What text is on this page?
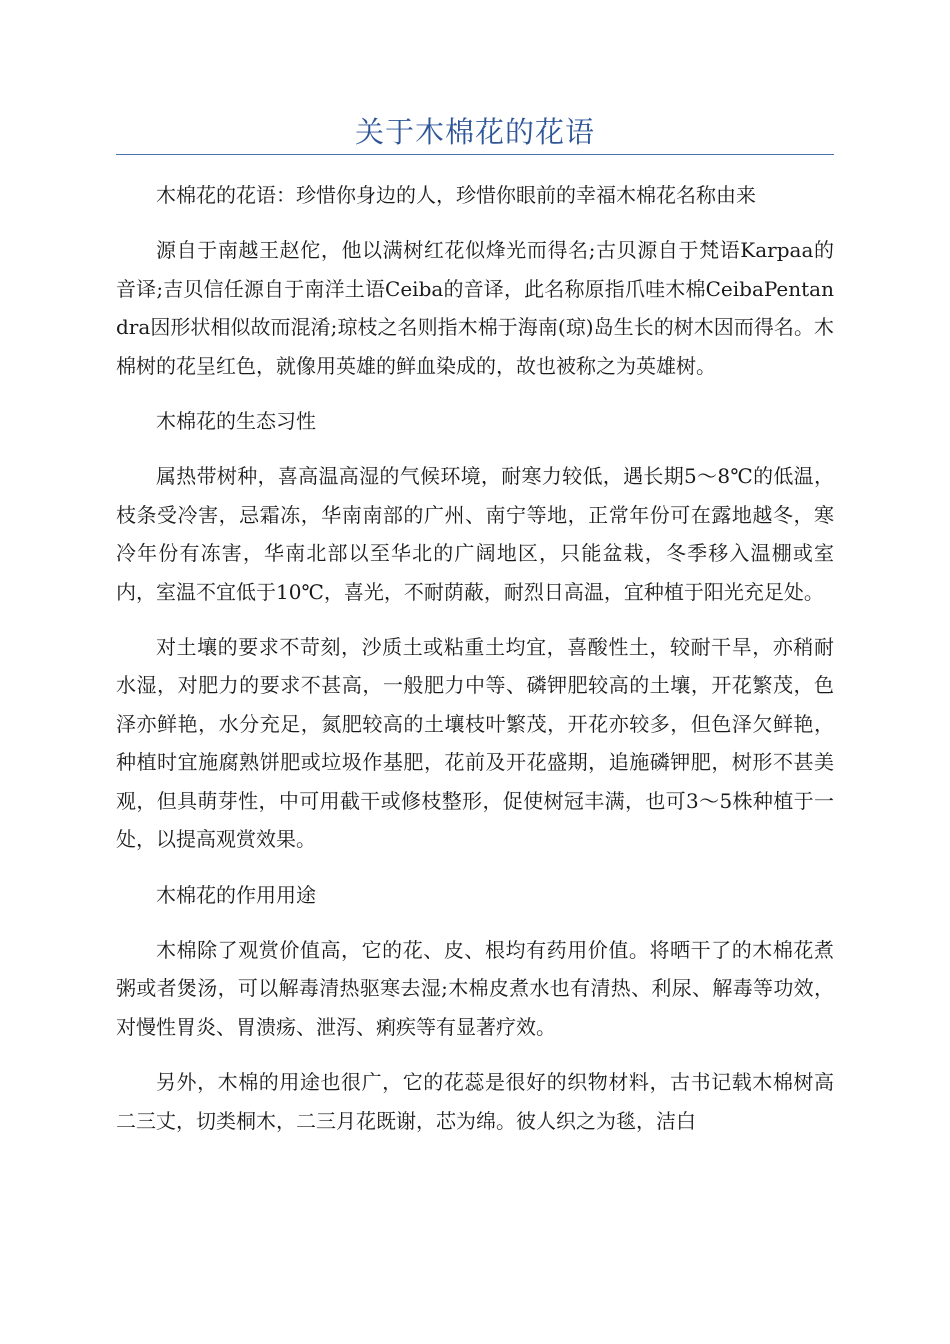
关于木棉花的花语

木棉花的花语：珍惜你身边的人，珍惜你眼前的幸福木棉花名称由来

源自于南越王赵佗，他以满树红花似烽光而得名;古贝源自于梵语Karpaa的音译;吉贝信任源自于南洋土语Ceiba的音译，此名称原指爪哇木棉CeibaPentandra因形状相似故而混淆;琼枝之名则指木棉于海南(琼)岛生长的树木因而得名。木棉树的花呈红色，就像用英雄的鲜血染成的，故也被称之为英雄树。

木棉花的生态习性

属热带树种，喜高温高湿的气候环境，耐寒力较低，遇长期5～8℃的低温，枝条受冷害，忌霜冻，华南南部的广州、南宁等地，正常年份可在露地越冬，寒冷年份有冻害，华南北部以至华北的广阔地区，只能盆栽，冬季移入温棚或室内，室温不宜低于10℃，喜光，不耐荫蔽，耐烈日高温，宜种植于阳光充足处。

对土壤的要求不苛刻，沙质土或粘重土均宜，喜酸性土，较耐干旱，亦稍耐水湿，对肥力的要求不甚高，一般肥力中等、磷钾肥较高的土壤，开花繁茂，色泽亦鲜艳，水分充足，氮肥较高的土壤枝叶繁茂，开花亦较多，但色泽欠鲜艳，种植时宜施腐熟饼肥或垃圾作基肥，花前及开花盛期，追施磷钾肥，树形不甚美观，但具萌芽性，中可用截干或修枝整形，促使树冠丰满，也可3～5株种植于一处，以提高观赏效果。

木棉花的作用用途

木棉除了观赏价值高，它的花、皮、根均有药用价值。将晒干了的木棉花煮粥或者煲汤，可以解毒清热驱寒去湿;木棉皮煮水也有清热、利尿、解毒等功效，对慢性胃炎、胃溃疡、泄泻、痢疾等有显著疗效。

另外，木棉的用途也很广，它的花蕊是很好的织物材料，古书记载木棉树高二三丈，切类桐木，二三月花既谢，芯为绵。彼人织之为毯，洁白
